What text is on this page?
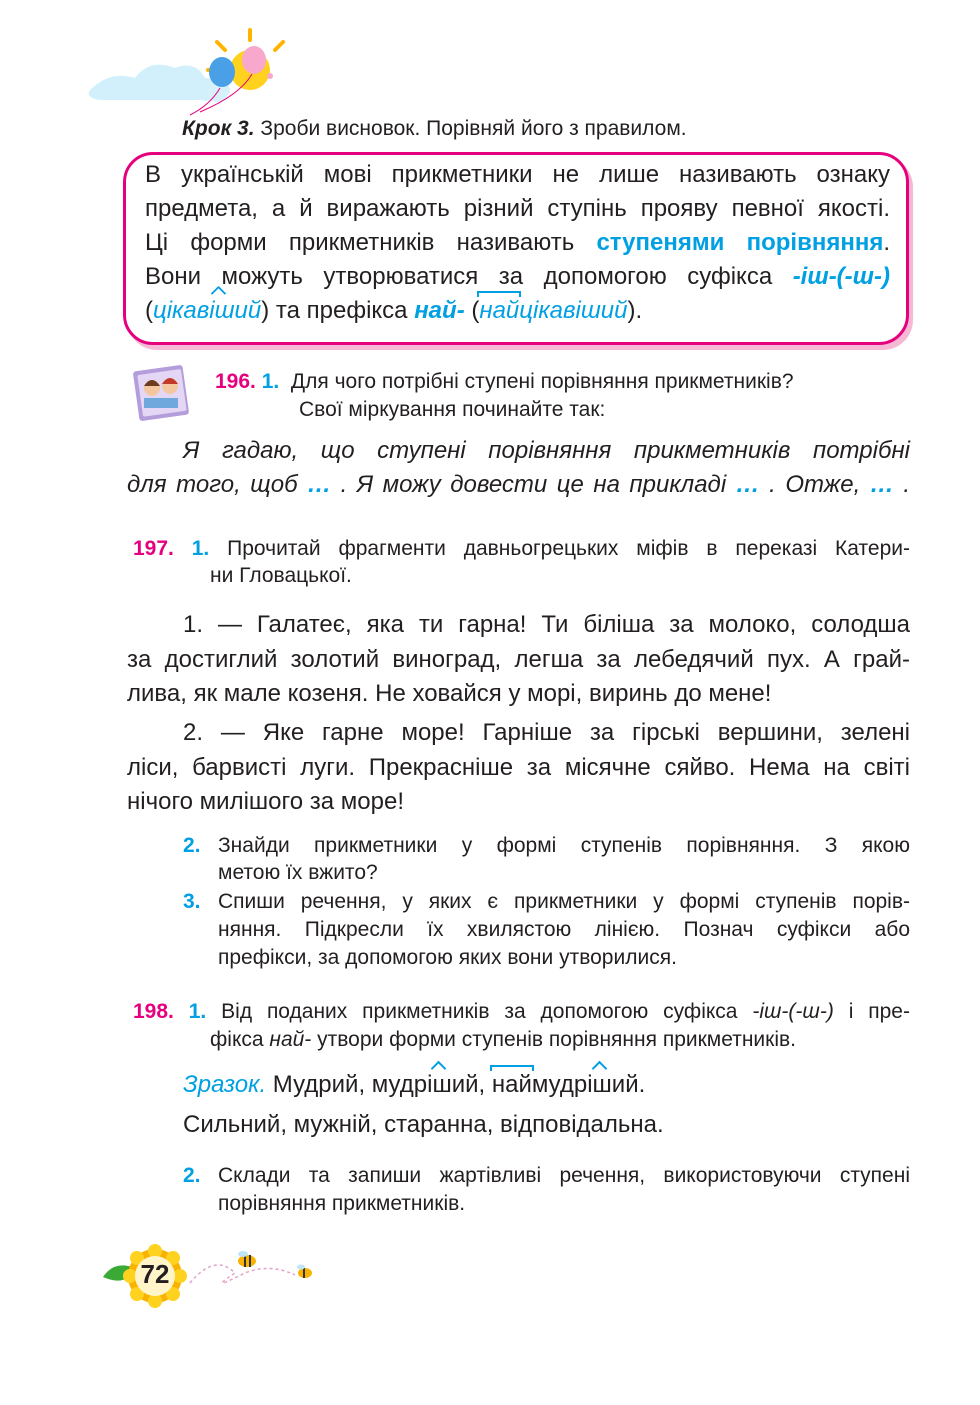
Крок 3. Зроби висновок. Порівняй його з правилом.
В українській мові прикметники не лише називають ознаку
предмета, а й виражають різний ступінь прояву певної якості.
Ці форми прикметників називають ступенями порівняння.
Вони можуть утворюватися за допомогою суфікса -іш-(-ш-)
(цікавіший) та префікса най- (найцікавіший).
196. 1. Для чого потрібні ступені порівняння прикметників?
Свої міркування починайте так:
Я гадаю, що ступені порівняння прикметників потрібні
для того, щоб … . Я можу довести це на прикладі … . Отже, … .
197. 1. Прочитай фрагменти давньогрецьких міфів в переказі Катери-
ни Гловацької.
1. — Галатеє, яка ти гарна! Ти біліша за молоко, солодша
за достиглий золотий виноград, легша за лебедячий пух. А грай-
лива, як мале козеня. Не ховайся у морі, виринь до мене!
2. — Яке гарне море! Гарніше за гірські вершини, зелені
ліси, барвисті луги. Прекрасніше за місячне сяйво. Нема на світі
нічого милішого за море!
2. Знайди прикметники у формі ступенів порівняння. З якою
метою їх вжито?
3. Спиши речення, у яких є прикметники у формі ступенів порів-
няння. Підкресли їх хвилястою лінією. Познач суфікси або
префікси, за допомогою яких вони утворилися.
198. 1. Від поданих прикметників за допомогою суфікса -іш-(-ш-) і пре-
фікса най- утвори форми ступенів порівняння прикметників.
Зразок. Мудрий, мудріший, наймудріший.
Сильний, мужній, старанна, відповідальна.
2. Склади та запиши жартівливі речення, використовуючи ступені
порівняння прикметників.
72
